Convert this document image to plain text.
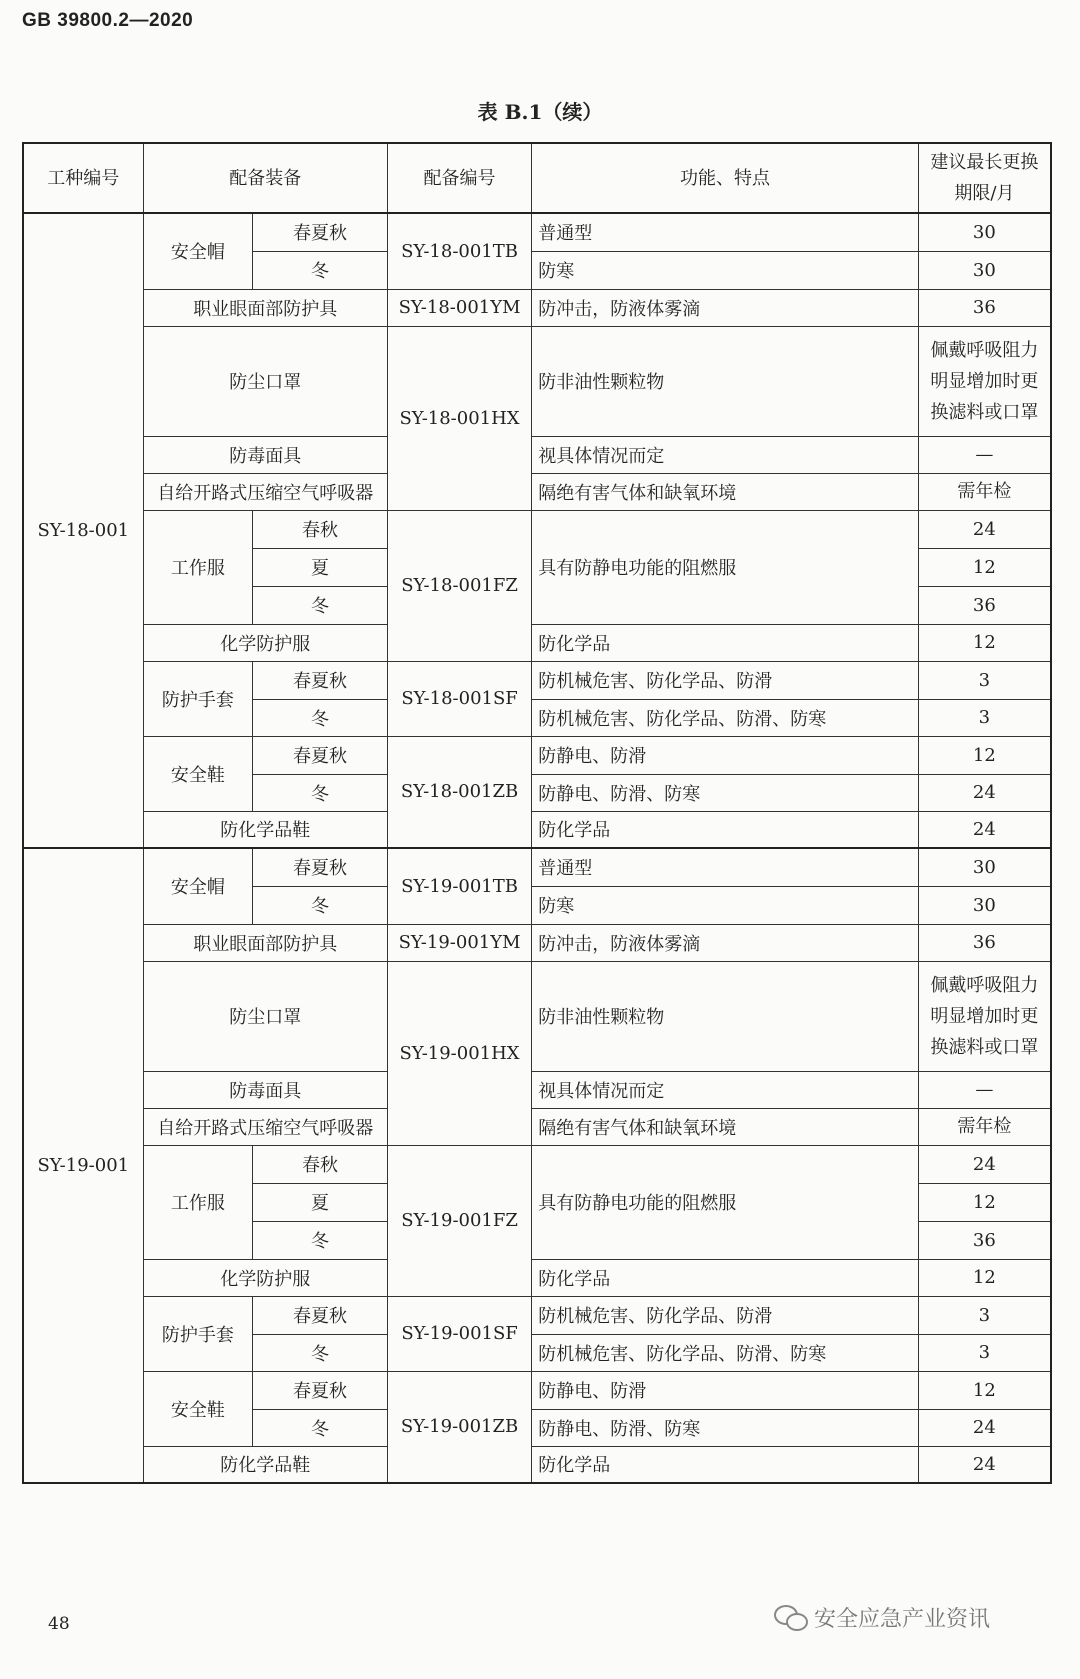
GB 39800.2—2020
表 B.1（续）
工种编号	配备装备		配备编号	功能、特点	建议最长更换期限/月
SY-18-001	安全帽	春夏秋	SY-18-001TB	普通型	30
		冬		防寒	30
	职业眼面部防护具		SY-18-001YM	防冲击，防液体雾滴	36
	防尘口罩		SY-18-001HX	防非油性颗粒物	佩戴呼吸阻力明显增加时更换滤料或口罩
	防毒面具			视具体情况而定	—
	自给开路式压缩空气呼吸器			隔绝有害气体和缺氧环境	需年检
	工作服	春秋	SY-18-001FZ	具有防静电功能的阻燃服	24
		夏			12
		冬			36
	化学防护服			防化学品	12
	防护手套	春夏秋	SY-18-001SF	防机械危害、防化学品、防滑	3
		冬		防机械危害、防化学品、防滑、防寒	3
	安全鞋	春夏秋	SY-18-001ZB	防静电、防滑	12
		冬		防静电、防滑、防寒	24
	防化学品鞋			防化学品	24
SY-19-001	安全帽	春夏秋	SY-19-001TB	普通型	30
		冬		防寒	30
	职业眼面部防护具		SY-19-001YM	防冲击，防液体雾滴	36
	防尘口罩		SY-19-001HX	防非油性颗粒物	佩戴呼吸阻力明显增加时更换滤料或口罩
	防毒面具			视具体情况而定	—
	自给开路式压缩空气呼吸器			隔绝有害气体和缺氧环境	需年检
	工作服	春秋	SY-19-001FZ	具有防静电功能的阻燃服	24
		夏			12
		冬			36
	化学防护服			防化学品	12
	防护手套	春夏秋	SY-19-001SF	防机械危害、防化学品、防滑	3
		冬		防机械危害、防化学品、防滑、防寒	3
	安全鞋	春夏秋	SY-19-001ZB	防静电、防滑	12
		冬		防静电、防滑、防寒	24
	防化学品鞋			防化学品	24
48	安全应急产业资讯
